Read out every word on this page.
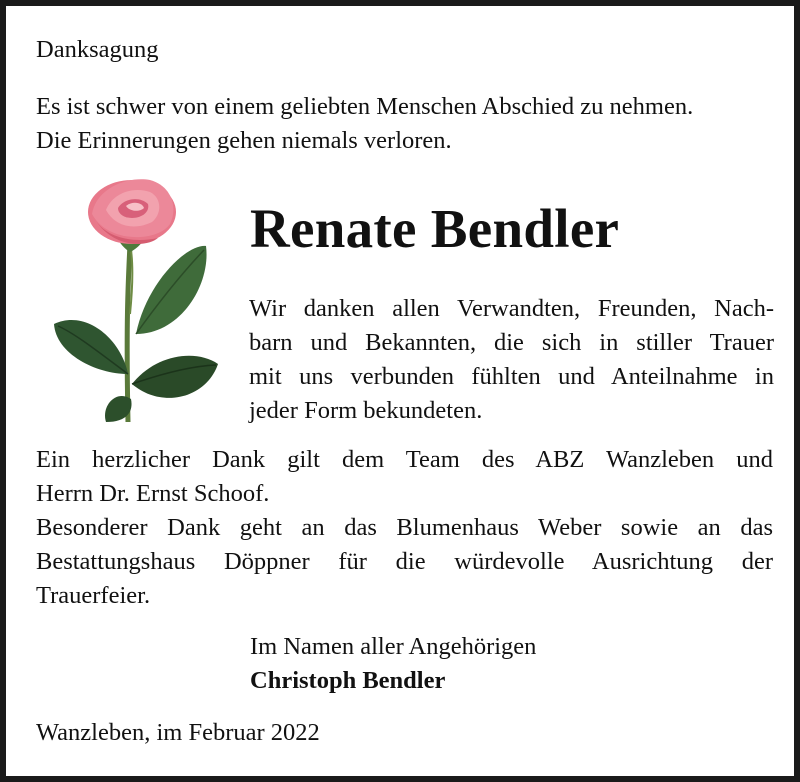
Danksagung
Es ist schwer von einem geliebten Menschen Abschied zu nehmen.
Die Erinnerungen gehen niemals verloren.
Renate Bendler
Wir danken allen Verwandten, Freunden, Nach-
barn und Bekannten, die sich in stiller Trauer
mit uns verbunden fühlten und Anteilnahme in
jeder Form bekundeten.
Ein herzlicher Dank gilt dem Team des ABZ Wanzleben und
Herrn Dr. Ernst Schoof.
Besonderer Dank geht an das Blumenhaus Weber sowie an das
Bestattungshaus Döppner für die würdevolle Ausrichtung der
Trauerfeier.
Im Namen aller Angehörigen
Christoph Bendler
Wanzleben, im Februar 2022
